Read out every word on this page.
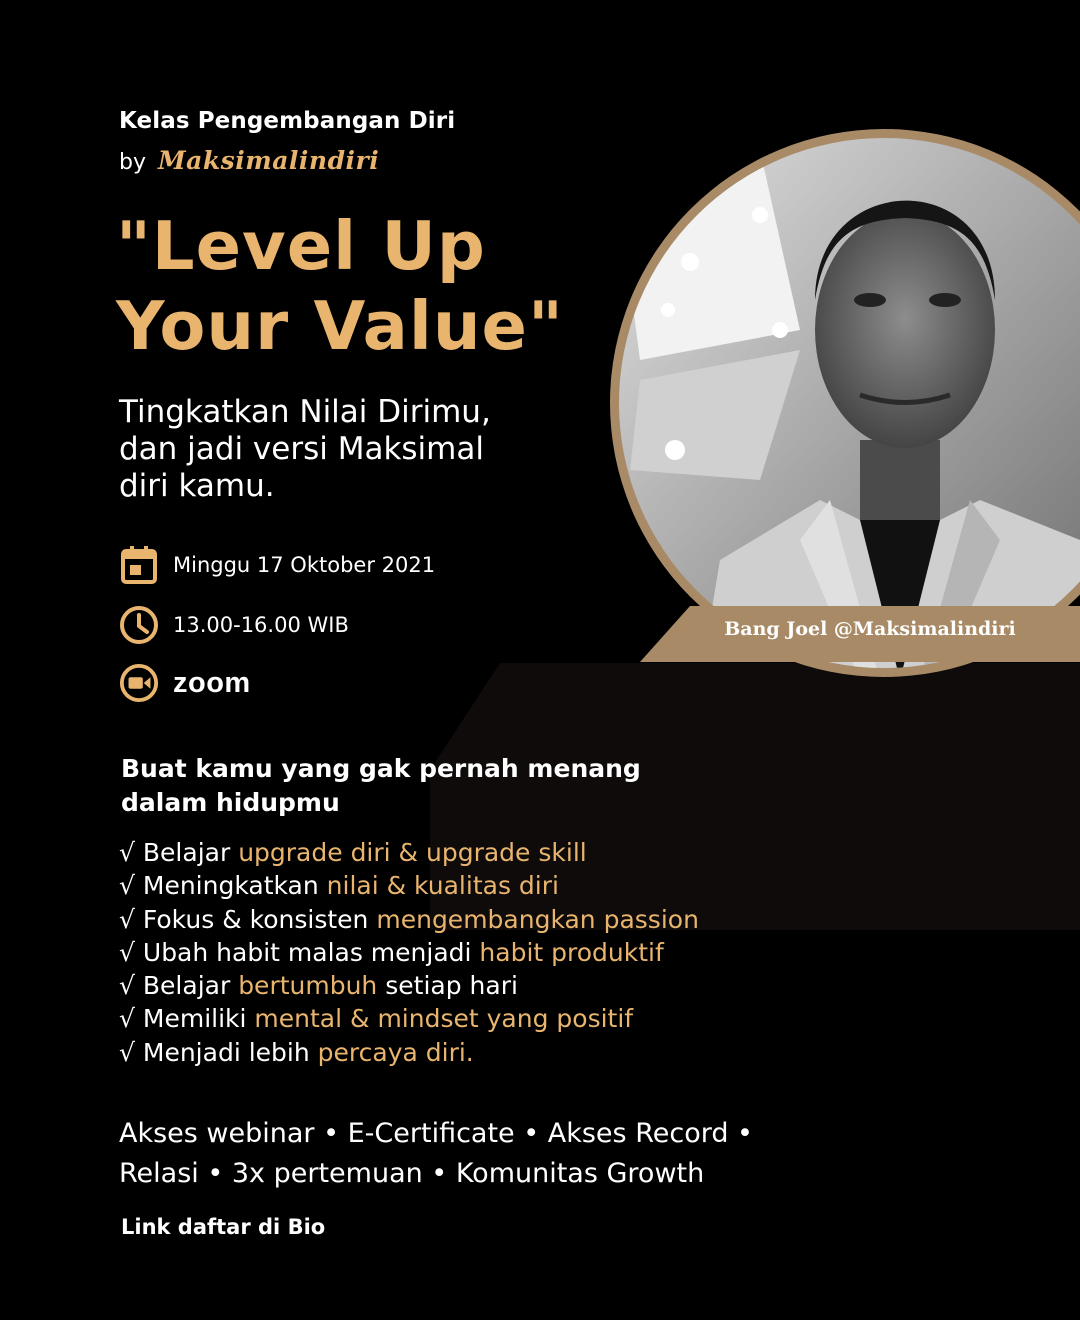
Bang Joel @Maksimalindiri
Kelas Pengembangan Diri
by Maksimalindiri
"Level Up
Your Value"
Tingkatkan Nilai Dirimu,
dan jadi versi Maksimal
diri kamu.
Minggu 17 Oktober 2021
13.00-16.00 WIB
zoom
Buat kamu yang gak pernah menang
dalam hidupmu
√ Belajar upgrade diri & upgrade skill
√ Meningkatkan nilai & kualitas diri
√ Fokus & konsisten mengembangkan passion
√ Ubah habit malas menjadi habit produktif
√ Belajar bertumbuh setiap hari
√ Memiliki mental & mindset yang positif
√ Menjadi lebih percaya diri.
Akses webinar • E-Certificate • Akses Record •
Relasi • 3x pertemuan • Komunitas Growth
Link daftar di Bio
